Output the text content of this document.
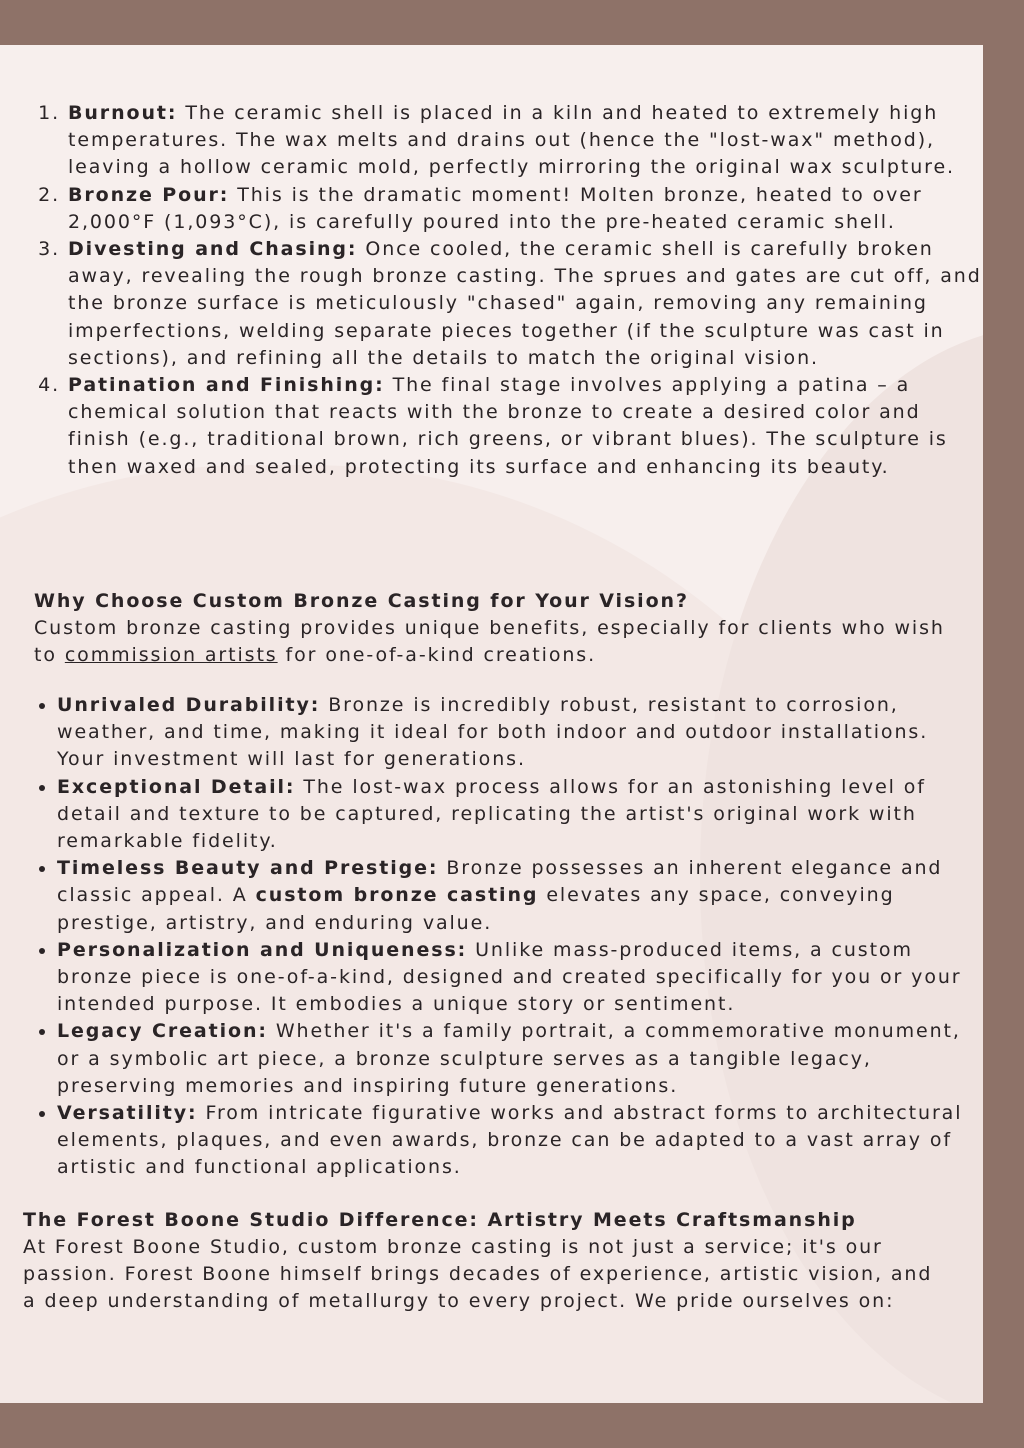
1. Burnout: The ceramic shell is placed in a kiln and heated to extremely high temperatures. The wax melts and drains out (hence the "lost-wax" method), leaving a hollow ceramic mold, perfectly mirroring the original wax sculpture.
2. Bronze Pour: This is the dramatic moment! Molten bronze, heated to over 2,000°F (1,093°C), is carefully poured into the pre-heated ceramic shell.
3. Divesting and Chasing: Once cooled, the ceramic shell is carefully broken away, revealing the rough bronze casting. The sprues and gates are cut off, and the bronze surface is meticulously "chased" again, removing any remaining imperfections, welding separate pieces together (if the sculpture was cast in sections), and refining all the details to match the original vision.
4. Patination and Finishing: The final stage involves applying a patina – a chemical solution that reacts with the bronze to create a desired color and finish (e.g., traditional brown, rich greens, or vibrant blues). The sculpture is then waxed and sealed, protecting its surface and enhancing its beauty.

Why Choose Custom Bronze Casting for Your Vision?

Custom bronze casting provides unique benefits, especially for clients who wish to commission artists for one-of-a-kind creations.

• Unrivaled Durability: Bronze is incredibly robust, resistant to corrosion, weather, and time, making it ideal for both indoor and outdoor installations. Your investment will last for generations.
• Exceptional Detail: The lost-wax process allows for an astonishing level of detail and texture to be captured, replicating the artist's original work with remarkable fidelity.
• Timeless Beauty and Prestige: Bronze possesses an inherent elegance and classic appeal. A custom bronze casting elevates any space, conveying prestige, artistry, and enduring value.
• Personalization and Uniqueness: Unlike mass-produced items, a custom bronze piece is one-of-a-kind, designed and created specifically for you or your intended purpose. It embodies a unique story or sentiment.
• Legacy Creation: Whether it's a family portrait, a commemorative monument, or a symbolic art piece, a bronze sculpture serves as a tangible legacy, preserving memories and inspiring future generations.
• Versatility: From intricate figurative works and abstract forms to architectural elements, plaques, and even awards, bronze can be adapted to a vast array of artistic and functional applications.

The Forest Boone Studio Difference: Artistry Meets Craftsmanship

At Forest Boone Studio, custom bronze casting is not just a service; it's our passion. Forest Boone himself brings decades of experience, artistic vision, and a deep understanding of metallurgy to every project. We pride ourselves on:
